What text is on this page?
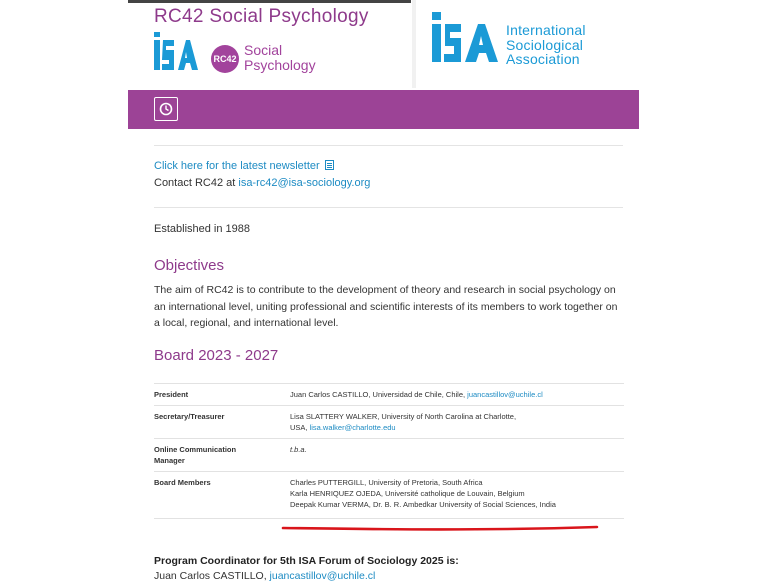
RC42 Social Psychology
RC42
Social
Psychology
International
Sociological
Association
Click here for the latest newsletter
Contact RC42 at isa-rc42@isa-sociology.org
Established in 1988
Objectives
The aim of RC42 is to contribute to the development of theory and research in social psychology on an international level, uniting professional and scientific interests of its members to work together on a local, regional, and international level.
Board 2023 - 2027
President	Juan Carlos CASTILLO, Universidad de Chile, Chile, juancastillov@uchile.cl
Secretary/Treasurer	Lisa SLATTERY WALKER, University of North Carolina at Charlotte,
USA, lisa.walker@charlotte.edu

Online Communication
Manager	t.b.a.
Board Members	Charles PUTTERGILL, University of Pretoria, South Africa
Karla HENRIQUEZ OJEDA, Université catholique de Louvain, Belgium
Deepak Kumar VERMA, Dr. B. R. Ambedkar University of Social Sciences, India
Program Coordinator for 5th ISA Forum of Sociology 2025 is:
Juan Carlos CASTILLO, juancastillov@uchile.cl
